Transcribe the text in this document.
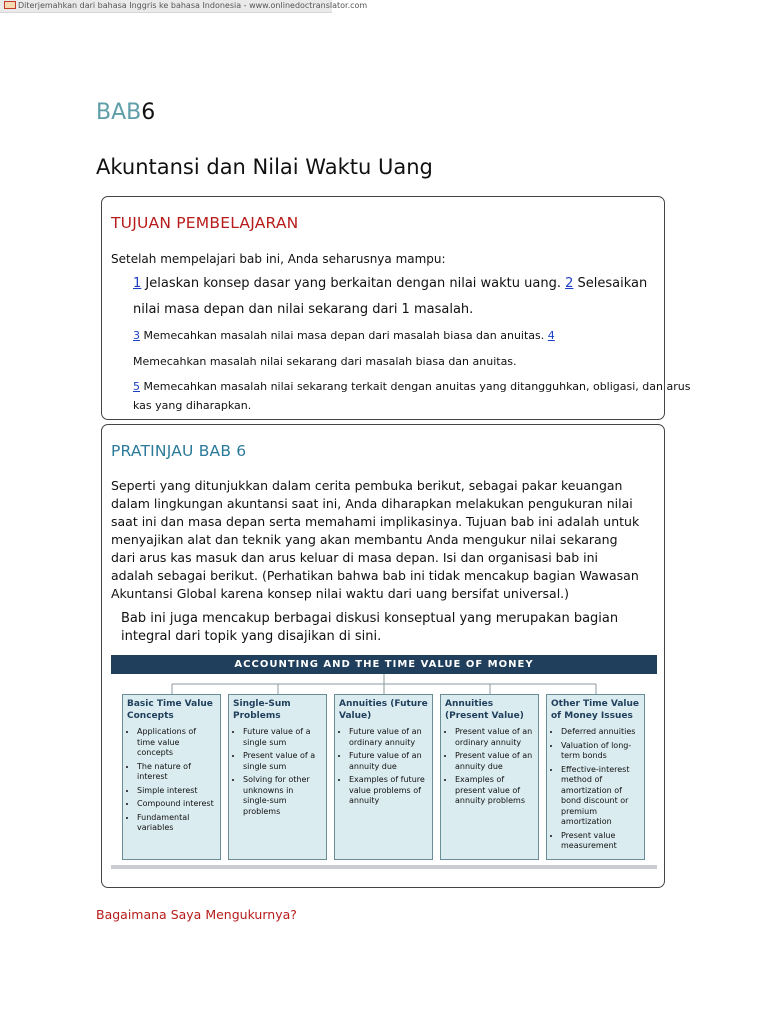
Diterjemahkan dari bahasa Inggris ke bahasa Indonesia - www.onlinedoctranslator.com
BAB6
Akuntansi dan Nilai Waktu Uang
TUJUAN PEMBELAJARAN
Setelah mempelajari bab ini, Anda seharusnya mampu:
1 Jelaskan konsep dasar yang berkaitan dengan nilai waktu uang. 2 Selesaikan
nilai masa depan dan nilai sekarang dari 1 masalah.
3 Memecahkan masalah nilai masa depan dari masalah biasa dan anuitas. 4
Memecahkan masalah nilai sekarang dari masalah biasa dan anuitas.
5 Memecahkan masalah nilai sekarang terkait dengan anuitas yang ditangguhkan, obligasi, dan arus
kas yang diharapkan.
PRATINJAU BAB 6

Seperti yang ditunjukkan dalam cerita pembuka berikut, sebagai pakar keuangan dalam lingkungan akuntansi saat ini, Anda diharapkan melakukan pengukuran nilai saat ini dan masa depan serta memahami implikasinya. Tujuan bab ini adalah untuk menyajikan alat dan teknik yang akan membantu Anda mengukur nilai sekarang dari arus kas masuk dan arus keluar di masa depan. Isi dan organisasi bab ini adalah sebagai berikut. (Perhatikan bahwa bab ini tidak mencakup bagian Wawasan Akuntansi Global karena konsep nilai waktu dari uang bersifat universal.)

Bab ini juga mencakup berbagai diskusi konseptual yang merupakan bagian integral dari topik yang disajikan di sini.

ACCOUNTING AND THE TIME VALUE OF MONEY
Basic Time Value Concepts
• Applications of time value concepts
• The nature of interest
• Simple interest
• Compound interest
• Fundamental variables
Single-Sum Problems
• Future value of a single sum
• Present value of a single sum
• Solving for other unknowns in single-sum problems
Annuities (Future Value)
• Future value of an ordinary annuity
• Future value of an annuity due
• Examples of future value problems of annuity
Annuities (Present Value)
• Present value of an ordinary annuity
• Present value of an annuity due
• Examples of present value of annuity problems
Other Time Value of Money Issues
• Deferred annuities
• Valuation of long-term bonds
• Effective-interest method of amortization of bond discount or premium amortization
• Present value measurement
Bagaimana Saya Mengukurnya?
